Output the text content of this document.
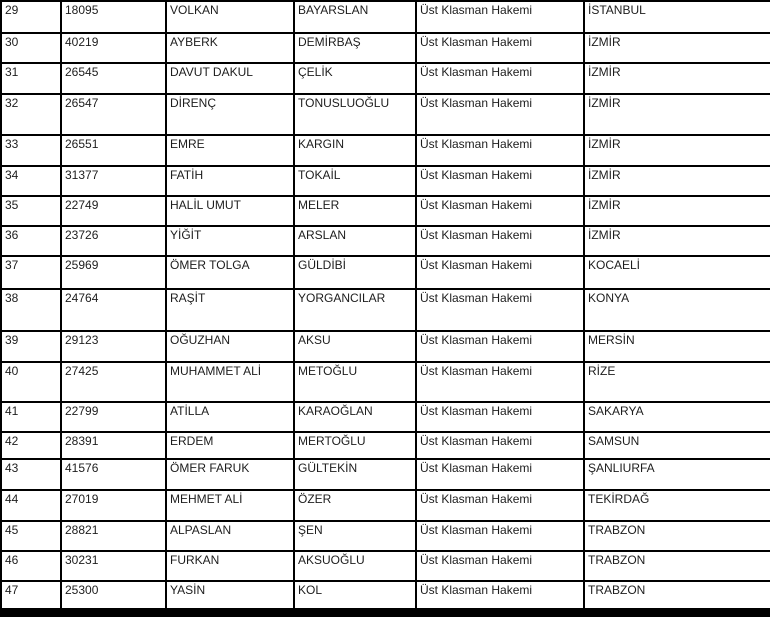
29	18095	VOLKAN	BAYARSLAN	Üst Klasman Hakemi	İSTANBUL
30	40219	AYBERK	DEMİRBAŞ	Üst Klasman Hakemi	İZMİR
31	26545	DAVUT DAKUL	ÇELİK	Üst Klasman Hakemi	İZMİR
32	26547	DİRENÇ	TONUSLUOĞLU	Üst Klasman Hakemi	İZMİR
33	26551	EMRE	KARGIN	Üst Klasman Hakemi	İZMİR
34	31377	FATİH	TOKAİL	Üst Klasman Hakemi	İZMİR
35	22749	HALİL UMUT	MELER	Üst Klasman Hakemi	İZMİR
36	23726	YİĞİT	ARSLAN	Üst Klasman Hakemi	İZMİR
37	25969	ÖMER TOLGA	GÜLDİBİ	Üst Klasman Hakemi	KOCAELİ
38	24764	RAŞİT	YORGANCILAR	Üst Klasman Hakemi	KONYA
39	29123	OĞUZHAN	AKSU	Üst Klasman Hakemi	MERSİN
40	27425	MUHAMMET ALİ	METOĞLU	Üst Klasman Hakemi	RİZE
41	22799	ATİLLA	KARAOĞLAN	Üst Klasman Hakemi	SAKARYA
42	28391	ERDEM	MERTOĞLU	Üst Klasman Hakemi	SAMSUN
43	41576	ÖMER FARUK	GÜLTEKİN	Üst Klasman Hakemi	ŞANLIURFA
44	27019	MEHMET ALİ	ÖZER	Üst Klasman Hakemi	TEKİRDAĞ
45	28821	ALPASLAN	ŞEN	Üst Klasman Hakemi	TRABZON
46	30231	FURKAN	AKSUOĞLU	Üst Klasman Hakemi	TRABZON
47	25300	YASİN	KOL	Üst Klasman Hakemi	TRABZON
